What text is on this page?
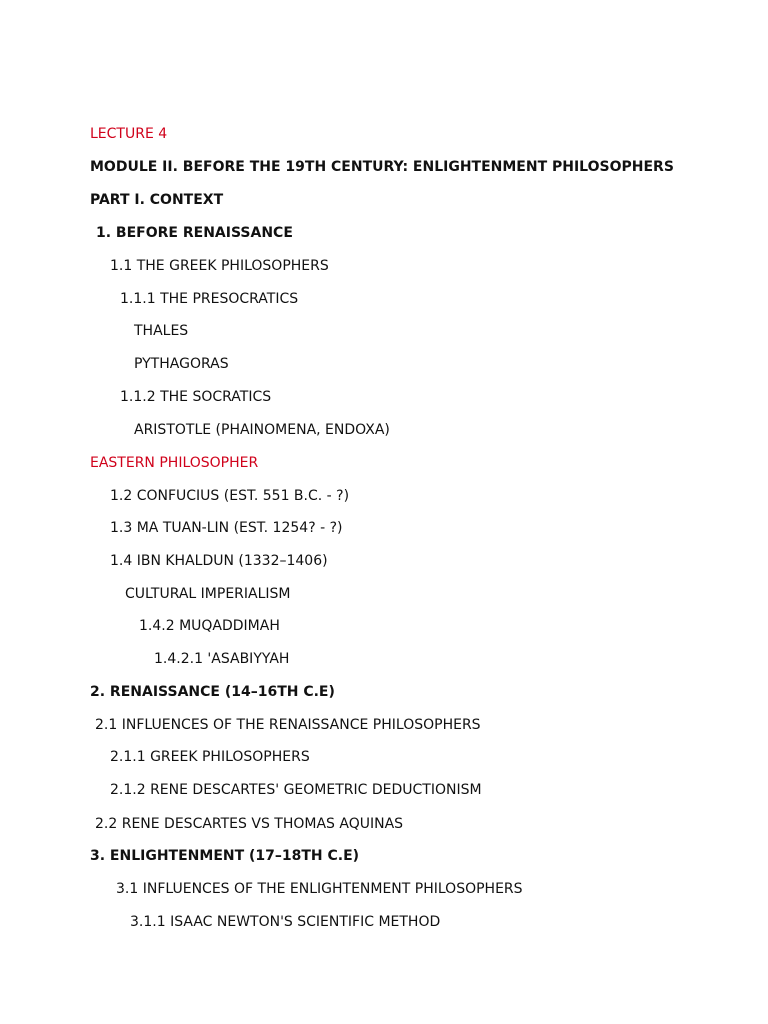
LECTURE 4
MODULE II. BEFORE THE 19TH CENTURY: ENLIGHTENMENT PHILOSOPHERS
PART I. CONTEXT
1. BEFORE RENAISSANCE
1.1 THE GREEK PHILOSOPHERS
1.1.1 THE PRESOCRATICS
THALES
PYTHAGORAS
1.1.2 THE SOCRATICS
ARISTOTLE (PHAINOMENA, ENDOXA)
EASTERN PHILOSOPHER
1.2 CONFUCIUS (EST. 551 B.C. - ?)
1.3 MA TUAN-LIN (EST. 1254? - ?)
1.4 IBN KHALDUN (1332–1406)
CULTURAL IMPERIALISM
1.4.2 MUQADDIMAH
1.4.2.1 'ASABIYYAH
2. RENAISSANCE (14–16TH C.E)
2.1 INFLUENCES OF THE RENAISSANCE PHILOSOPHERS
2.1.1 GREEK PHILOSOPHERS
2.1.2 RENE DESCARTES' GEOMETRIC DEDUCTIONISM
2.2 RENE DESCARTES VS THOMAS AQUINAS
3. ENLIGHTENMENT (17–18TH C.E)
3.1 INFLUENCES OF THE ENLIGHTENMENT PHILOSOPHERS
3.1.1 ISAAC NEWTON'S SCIENTIFIC METHOD
